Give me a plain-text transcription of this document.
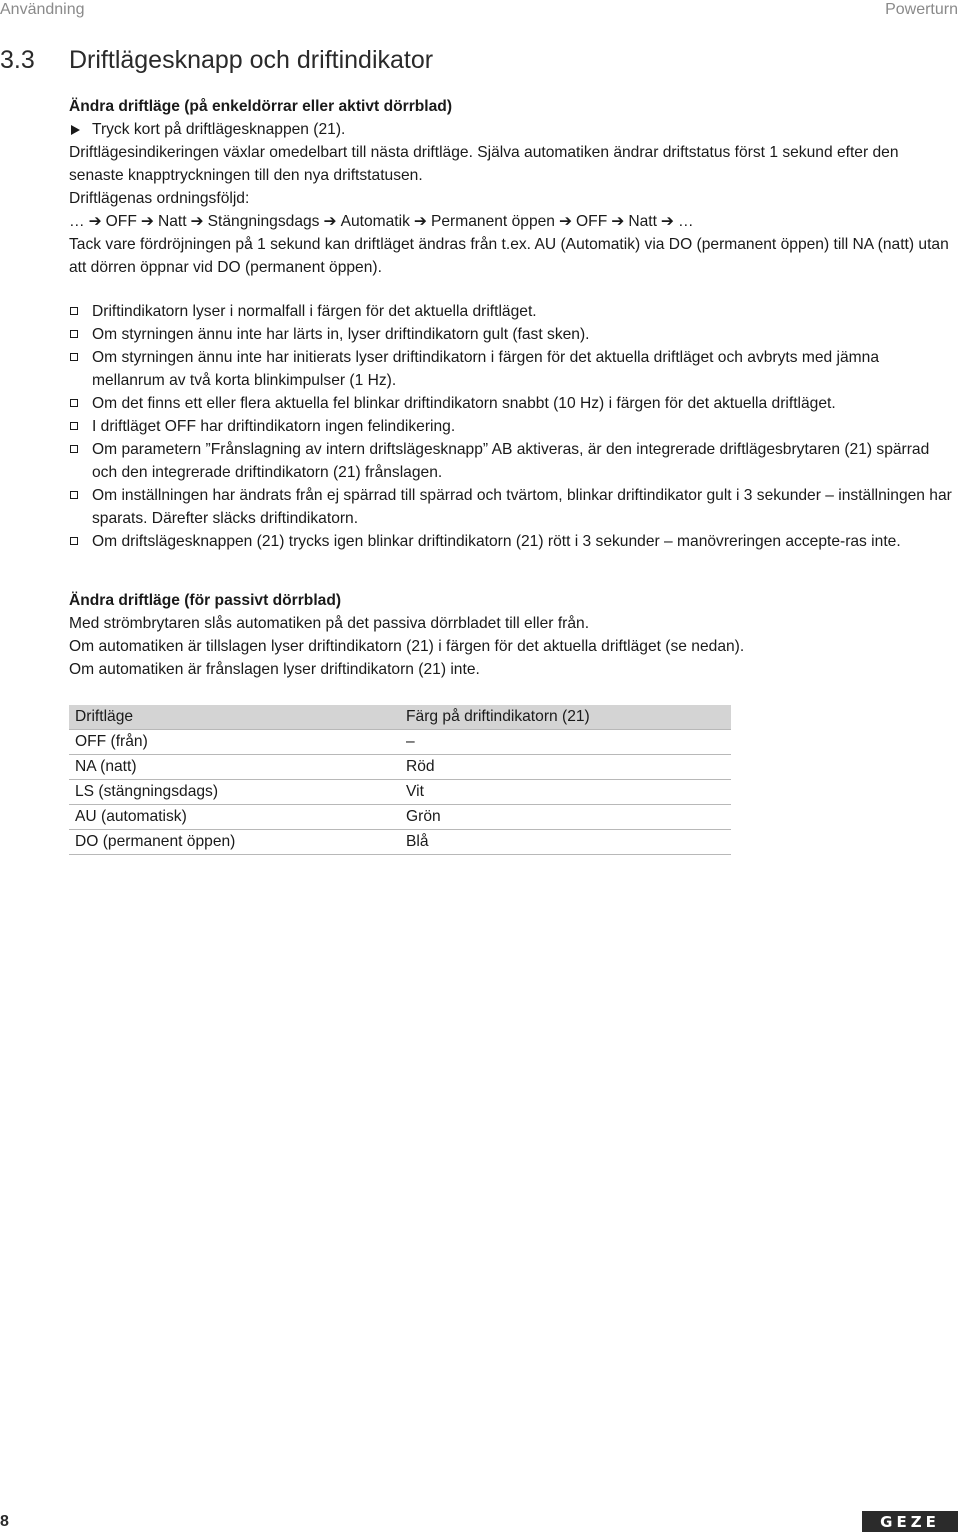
Användning	Powerturn
3.3 Driftlägesknapp och driftindikator

Ändra driftläge (på enkeldörrar eller aktivt dörrblad)

Tryck kort på driftlägesknappen (21).

Driftlägesindikeringen växlar omedelbart till nästa driftläge. Själva automatiken ändrar driftstatus först 1 sekund efter den senaste knapptryckningen till den nya driftstatusen.

Driftlägenas ordningsföljd:

… ➔ OFF ➔ Natt ➔ Stängningsdags ➔ Automatik ➔ Permanent öppen ➔ OFF ➔ Natt ➔ …

Tack vare fördröjningen på 1 sekund kan driftläget ändras från t.ex. AU (Automatik) via DO (permanent öppen) till NA (natt) utan att dörren öppnar vid DO (permanent öppen).

Driftindikatorn lyser i normalfall i färgen för det aktuella driftläget.
Om styrningen ännu inte har lärts in, lyser driftindikatorn gult (fast sken).
Om styrningen ännu inte har initierats lyser driftindikatorn i färgen för det aktuella driftläget och avbryts med jämna mellanrum av två korta blinkimpulser (1 Hz).
Om det finns ett eller flera aktuella fel blinkar driftindikatorn snabbt (10 Hz) i färgen för det aktuella driftläget.
I driftläget OFF har driftindikatorn ingen felindikering.
Om parametern ”Frånslagning av intern driftslägesknapp” AB aktiveras, är den integrerade driftlägesbrytaren (21) spärrad och den integrerade driftindikatorn (21) frånslagen.
Om inställningen har ändrats från ej spärrad till spärrad och tvärtom, blinkar driftindikator gult i 3 sekunder – inställningen har sparats. Därefter släcks driftindikatorn.
Om driftslägesknappen (21) trycks igen blinkar driftindikatorn (21) rött i 3 sekunder – manövreringen accepte-ras inte.

Ändra driftläge (för passivt dörrblad)

Med strömbrytaren slås automatiken på det passiva dörrbladet till eller från.

Om automatiken är tillslagen lyser driftindikatorn (21) i färgen för det aktuella driftläget (se nedan).

Om automatiken är frånslagen lyser driftindikatorn (21) inte.

Driftläge	Färg på driftindikatorn (21)
OFF (från)	–
NA (natt)	Röd
LS (stängningsdags)	Vit
AU (automatisk)	Grön
DO (permanent öppen)	Blå
8	GEZE
